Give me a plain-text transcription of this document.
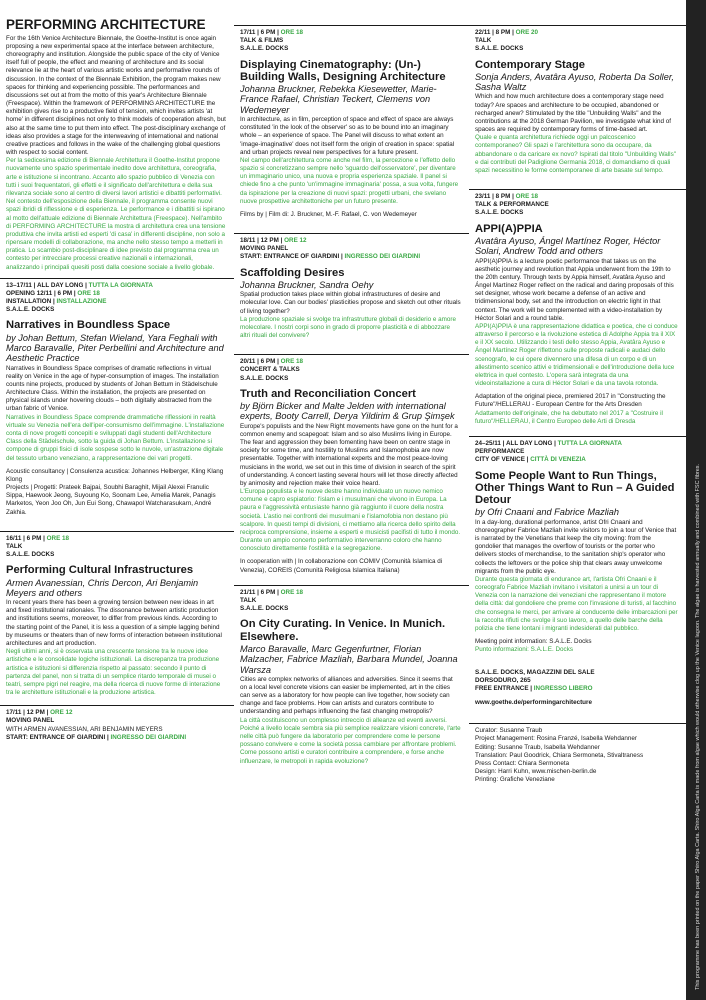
PERFORMING ARCHITECTURE
For the 16th Venice Architecture Biennale, the Goethe-Institut is once again proposing a new experimental space at the interface between architecture, choreography and institution. Alongside the public space of the city of Venice itself full of people, the effect and meaning of architecture and its social relevance lie at the heart of various artistic works and performative rounds of discussion. In the context of the Biennale Exhibition, the program makes new spaces for thinking and experiencing possible. The performances and discussions set out at from the motto of this year's Architecture Biennale (Freespace). Within the framework of PERFORMING ARCHITECTURE the exhibition gives rise to a productive field of tension, which invites artists 'at home' in different disciplines not only to think models of cooperation afresh, but also at the same time to put them into effect. The post-disciplinary exchange of ideas also provides a stage for the interweaving of international and national creative practices and follows in the wake of the challenging global questions with respect to social content.
Per la sedicesima edizione di Biennale Architettura il Goethe-Institut propone nuovamente uno spazio sperimentale inedito dove architettura, coreografia, arte e istituzione si incontrano. Accanto allo spazio pubblico di Venezia con tutti i suoi frequentatori, gli effetti e il significato dell'architettura e della sua rilevanza sociale sono al centro di diversi lavori artistici e dibattiti performativi. Nel contesto dell'esposizione della Biennale, il programma consente nuovi spazi ibridi di riflessione e di esperienza. Le performance e i dibattiti si ispirano al motto dell'attuale edizione di Biennale Architettura (Freespace). Nell'ambito di PERFORMING ARCHITECTURE la mostra di architettura crea una tensione produttiva che invita artisti ed esperti 'di casa' in differenti discipline, non solo a ripensare modelli di collaborazione, ma anche nello stesso tempo a metterli in pratica. Lo scambio post-disciplinare di idee previsto dal programma crea un contesto per intrecciare processi creative nazionali e internazionali, analizzando i principali quesiti posti dalla coesione sociale a livello globale.
13–17/11 | ALL DAY LONG | TUTTA LA GIORNATA
OPENING 12/11 | 6 PM | ORE 18
INSTALLATION | INSTALLAZIONE
S.A.L.E. DOCKS
Narratives in Boundless Space
by Johan Bettum, Stefan Wieland, Yara Feghali with Marco Baravalle, Piter Perbellini and Architecture and Aesthetic Practice
Narratives in Boundless Space comprises of dramatic reflections in virtual reality on Venice in the age of hyper-consumption of images. The installation counts nine projects, produced by students of Johan Bettum in Städelschule Architecture Class. Within the installation, the projects are presented on physical islands under hovering clouds – both digitally abstracted from the urban fabric of Venice.
Narratives in Boundless Space comprende drammatiche riflessioni in realtà virtuale su Venezia nell'era dell'iper-consumismo dell'immagine. L'installazione conta di nove progetti concepiti e sviluppati dagli studenti dell'Architecture Class della Städelschule, sotto la guida di Johan Bettum. L'installazione si compone di gruppi fisici di isole sospese sotto le nuvole, un'astrazione digitale del tessuto urbano veneziano, a rappresentazione dei vari progetti.
Acoustic consultancy | Consulenza acustica: Johannes Helberger, Kling Klang Klong
Projects | Progetti: Prateek Bajpai, Soubhi Baraghit, Mijail Alexei Franulic Sippa, Haewook Jeong, Suyoung Ko, Soonam Lee, Amelia Marek, Panagis Marketos, Yeon Joo Oh, Jun Eui Song, Chawapol Watcharasukarn, André Zakhia.
16/11 | 6 PM | ORE 18
TALK
S.A.L.E. DOCKS
Performing Cultural Infrastructures
Armen Avanessian, Chris Dercon, Ari Benjamin Meyers and others
In recent years there has been a growing tension between new ideas in art and fixed institutional rationales. The dissonance between artistic production and institutions seems, moreover, to differ from previous kinds. According to the starting point of the Panel, it is less a question of a simple lagging behind by museums or theaters than of new forms of interaction between institutional architectures and art production.
Negli ultimi anni, si è osservata una crescente tensione tra le nuove idee artistiche e le consolidate logiche istituzionali. La discrepanza tra produzione artistica e istituzioni si differenzia rispetto al passato: secondo il punto di partenza del panel, non si tratta di un semplice ritardo temporale di musei o teatri, sempre pigri nel reagire, ma della ricerca di nuove forme di interazione tra le architetture istituzionali e la produzione artistica.
17/11 | 12 PM | ORE 12
MOVING PANEL
WITH ARMEN AVANESSIAN, ARI BENJAMIN MEYERS
START: ENTRANCE OF GIARDINI | INGRESSO DEI GIARDINI
17/11 | 6 PM | ORE 18
TALK & FILMS
S.A.L.E. DOCKS
Displaying Cinematography: (Un-) Building Walls, Designing Architecture
Johanna Bruckner, Rebekka Kiesewetter, Marie-France Rafael, Christian Teckert, Clemens von Wedemeyer
In architecture, as in film, perception of space and effect of space are always constituted 'in the look of the observer' so as to be bound into an imaginary whole – an experience of space. The Panel will discuss to what extent an 'image-imaginative' does not itself form the origin of creation in space: spatial and urban projects reveal new perspectives for a future present.
Nel campo dell'architettura come anche nel film, la percezione e l'effetto dello spazio si concretizzano sempre nello 'sguardo dell'osservatore', per diventare un immaginario unico, una nuova e propria esperienza spaziale. Il panel si chiede fino a che punto 'un'immagine immaginaria' possa, a sua volta, fungere da ispirazione per la creazione di nuovi spazi: progetti urbani, che svelano nuove prospettive architettoniche per un futuro presente.
Films by | Film di: J. Bruckner, M.-F. Rafael, C. von Wedemeyer
18/11 | 12 PM | ORE 12
MOVING PANEL
START: ENTRANCE OF GIARDINI | INGRESSO DEI GIARDINI
Scaffolding Desires
Johanna Bruckner, Sandra Oehy
Spatial production takes place within global infrastructures of desire and molecular love. Can our bodies' plasticities propose and sketch out other rituals of living together?
La produzione spaziale si svolge tra infrastrutture globali di desiderio e amore molecolare. I nostri corpi sono in grado di proporre plasticità e di abbozzare altri rituali del convivere?
20/11 | 6 PM | ORE 18
CONCERT & TALKS
S.A.L.E. DOCKS
Truth and Reconciliation Concert
by Björn Bicker and Malte Jelden with international experts, Booty Carrell, Derya Yildirim & Grup Şimşek
Europe's populists and the New Right movements have gone on the hunt for a common enemy and scapegoat: Islam and so also Muslims living in Europe. The fear and aggression they been fomenting have been on centre stage in society for some time, and hostility to Muslims and Islamophobia are now presentable. Together with international experts and the most peace-loving musicians in the world, we set out in this time of division in search of the spirit of understanding. A concert lasting several hours will let those directly affected by animosity and rejection make their voice heard.
L'Europa populista e le nuove destre hanno individuato un nuovo nemico comune e capro espiatorio: l'islam e i musulmani che vivono in Europa. La paura e l'aggressività entusiaste hanno già raggiunto il cuore della nostra società. L'astio nei confronti dei musulmani e l'islamofobia non destano più scalpore. In questi tempi di divisioni, ci mettiamo alla ricerca dello spirito della reciproca comprensione, insieme a esperti e musicisti pacifisti di tutto il mondo. Durante un ampio concerto performativo interverranno coloro che hanno conosciuto direttamente l'ostilità e la segregazione.
In cooperation with | In collaborazione con COMIV (Comunità Islamica di Venezia), COREIS (Comunità Religiosa Islamica Italiana)
21/11 | 6 PM | ORE 18
TALK
S.A.L.E. DOCKS
On City Curating. In Venice. In Munich. Elsewhere.
Marco Baravalle, Marc Gegenfurtner, Florian Malzacher, Fabrice Mazliah, Barbara Mundel, Joanna Warsza
Cities are complex networks of alliances and adversities. Since it seems that on a local level concrete visions can easier be implemented, art in the cities can serve as a laboratory for how people can live together, how society can change and face problems. How can artists and curators contribute to understanding and perhaps influencing the fast changing metropolis?
La città costituiscono un complesso intreccio di alleanze ed eventi avversi. Poiché a livello locale sembra sia più semplice realizzare visioni concrete, l'arte nelle città può fungere da laboratorio per comprendere come le persone possano convivere e come la società possa cambiare per affrontare problemi. Come possono artisti e curatori contribuire a comprendere, e forse anche influenzare, le metropoli in rapida evoluzione?
22/11 | 8 PM | ORE 20
TALK
S.A.L.E. DOCKS
Contemporary Stage
Sonja Anders, Avatâra Ayuso, Roberta Da Soller, Sasha Waltz
Which and how much architecture does a contemporary stage need today? Are spaces and architecture to be occupied, abandoned or recharged anew? Stimulated by the title "Unbuilding Walls" and the contributions at the 2018 German Pavilion, we investigate what kind of spaces are required by contemporary forms of time-based art.
Quale e quanta architettura richiede oggi un palcoscenico contemporaneo? Gli spazi e l'architettura sono da occupare, da abbandonare o da caricare ex novo? Ispirati dal titolo "Unbuilding Walls" e dai contributi del Padiglione Germania 2018, ci domandiamo di quali spazi necessitino le forme contemporanee di arte basate sul tempo.
23/11 | 8 PM | ORE 18
TALK & PERFORMANCE
S.A.L.E. DOCKS
APPI(A)PPIA
Avatâra Ayuso, Ángel Martínez Roger, Héctor Solari, Andrew Todd and others
APPI(A)PPIA is a lecture poetic performance that takes us on the aesthetic journey and revolution that Appia underwent from the 19th to the 20th century. Through texts by Appia himself, Avatâra Ayuso and Ángel Martínez Roger reflect on the radical and daring proposals of this set designer, whose work became a defense of an active and tridimensional body, set and the introduction on electric light in that context. The work will be complemented with a video-installation by Héctor Solari and a round table.
APPI(A)PPIA è una rappresentazione didattica e poetica, che ci conduce attraverso il percorso e la rivoluzione estetica di Adolphe Appia tra il XIX e il XX secolo. Utilizzando i testi dello stesso Appia, Avatâra Ayuso e Ángel Martínez Roger riflettono sulle proposte radicali e audaci dello scenografo, le cui opere divennero una difesa di un corpo e di un allestimento scenico attivi e tridimensionali e dell'introduzione della luce elettrica in quel contesto. L'opera sarà integrata da una videoinstallazione a cura di Héctor Solari e da una tavola rotonda.
Adaptation of the original piece, premiered 2017 in "Constructing the Future"/HELLERAU - European Centre for the Arts Dresden
Adattamento dell'originale, che ha debuttato nel 2017 a "Costruire il futuro"/HELLERAU, il Centro Europeo delle Arti di Dresda
24–25/11 | ALL DAY LONG | TUTTA LA GIORNATA
PERFORMANCE
CITY OF VENICE | CITTÀ DI VENEZIA
Some People Want to Run Things, Other Things Want to Run – A Guided Detour
by Ofri Cnaani and Fabrice Mazliah
In a day-long, durational performance, artist Ofri Cnaani and choreographer Fabrice Mazliah invite visitors to join a tour of Venice that is narrated by the Venetians that keep the city moving: from the gondolier that manages the overflow of tourists or the porter who delivers stocks of merchandise, to the sanitation ship's operator who collects the leftovers or the police ship that clears away unwelcome migrants from the public eye.
Durante questa giornata di endurance art, l'artista Ofri Cnaani e il coreografo Fabrice Mazliah invitano i visitatori a unirsi a un tour di Venezia con la narrazione dei veneziani che rappresentano il motore della città: dal gondoliere che preme con l'invasione di turisti, al facchino che consegna le merci, per arrivare ai conducente delle imbarcazioni per la raccolta rifiuti che svolge il suo lavoro, a quello delle barche della polizia che tiene lontani i migranti indesiderati dal pubblico.
Meeting point information: S.A.L.E. Docks
Punto informazioni: S.A.L.E. Docks
S.A.L.E. DOCKS, MAGAZZINI DEL SALE
DORSODURO, 265
FREE ENTRANCE | INGRESSO LIBERO
www.goethe.de/performingarchitecture
Curator: Susanne Traub
Project Management: Rosina Franzé, Isabella Wehdanner
Editing: Susanne Traub, Isabella Wehdanner
Translation: Paul Goodrick, Chiara Sermoneta, Stivaltraness
Press Contact: Chiara Sermoneta
Design: Harri Kuhn, www.mischen-berlin.de
Printing: Grafiche Veneziane	This programme has been printed on the paper Shiro Alga Carta. Shiro Alga Carta is made from algae which would otherwise clog up the Venice lagoon. The algae is harvested annually and combined with FSC fibres.
